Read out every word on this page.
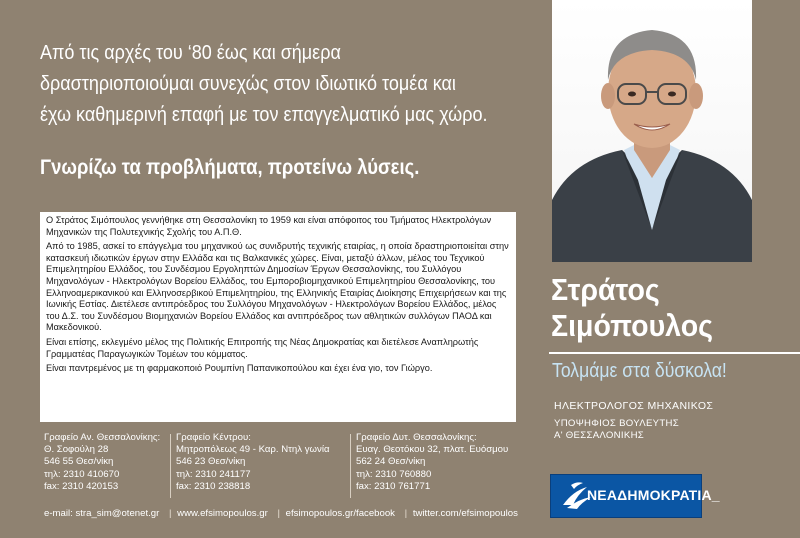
Από τις αρχές του ‘80 έως και σήμερα

δραστηριοποιούμαι συνεχώς στον ιδιωτικό τομέα και

έχω καθημερινή επαφή με τον επαγγελματικό μας χώρο.

Γνωρίζω τα προβλήματα, προτείνω λύσεις.

Ο Στράτος Σιμόπουλος γεννήθηκε στη Θεσσαλονίκη το 1959 και είναι απόφοιτος του Τμήματος Ηλεκτρολόγων Μηχανικών της Πολυτεχνικής Σχολής του Α.Π.Θ.

Από το 1985, ασκεί το επάγγελμα του μηχανικού ως συνιδρυτής τεχνικής εταιρίας, η οποία δραστηριοποιείται στην κατασκευή ιδιωτικών έργων στην Ελλάδα και τις Βαλκανικές χώρες. Είναι, μεταξύ άλλων, μέλος του Τεχνικού Επιμελητηρίου Ελλάδος, του Συνδέσμου Εργοληπτών Δημοσίων Έργων Θεσσαλονίκης, του Συλλόγου Μηχανολόγων - Ηλεκτρολόγων Βορείου Ελλάδος, του Εμποροβιομηχανικού Επιμελητηρίου Θεσσαλονίκης, του Ελληνοαμερικανικού και Ελληνοσερβικού Επιμελητηρίου, της Ελληνικής Εταιρίας Διοίκησης Επιχειρήσεων και της Ιωνικής Εστίας. Διετέλεσε αντιπρόεδρος του Συλλόγου Μηχανολόγων - Ηλεκτρολόγων Βορείου Ελλάδος, μέλος του Δ.Σ. του Συνδέσμου Βιομηχανιών Βορείου Ελλάδος και αντιπρόεδρος των αθλητικών συλλόγων ΠΑΟΔ και Μακεδονικού.

Είναι επίσης, εκλεγμένο μέλος της Πολιτικής Επιτροπής της Νέας Δημοκρατίας και διετέλεσε Αναπληρωτής Γραμματέας Παραγωγικών Τομέων του κόμματος.

Είναι παντρεμένος με τη φαρμακοποιό Ρουμπίνη Παπανικοπούλου και έχει ένα γιο, τον Γιώργο.

Γραφείο Αν. Θεσσαλονίκης:
Θ. Σοφούλη 28
546 55 Θεσ/νίκη
τηλ: 2310 410670
fax: 2310 420153
Γραφείο Κέντρου:
Μητροπόλεως 49 - Καρ. Ντηλ γωνία
546 23 Θεσ/νίκη
τηλ: 2310 241177
fax: 2310 238818
Γραφείο Δυτ. Θεσσαλονίκης:
Ευαγ. Θεοτόκου 32, πλατ. Ευόσμου
562 24 Θεσ/νίκη
τηλ: 2310 760880
fax: 2310 761771
e-mail: stra_sim@otenet.gr | www.efsimopoulos.gr | efsimopoulos.gr/facebook | twitter.com/efsimopoulos
Στράτος
Σιμόπουλος
Τολμάμε στα δύσκολα!
ΗΛΕΚΤΡΟΛΟΓΟΣ ΜΗΧΑΝΙΚΟΣ
ΥΠΟΨΗΦΙΟΣ ΒΟΥΛΕΥΤΗΣ
Α' ΘΕΣΣΑΛΟΝΙΚΗΣ
ΝΕΑΔΗΜΟΚΡΑΤΙΑ_
